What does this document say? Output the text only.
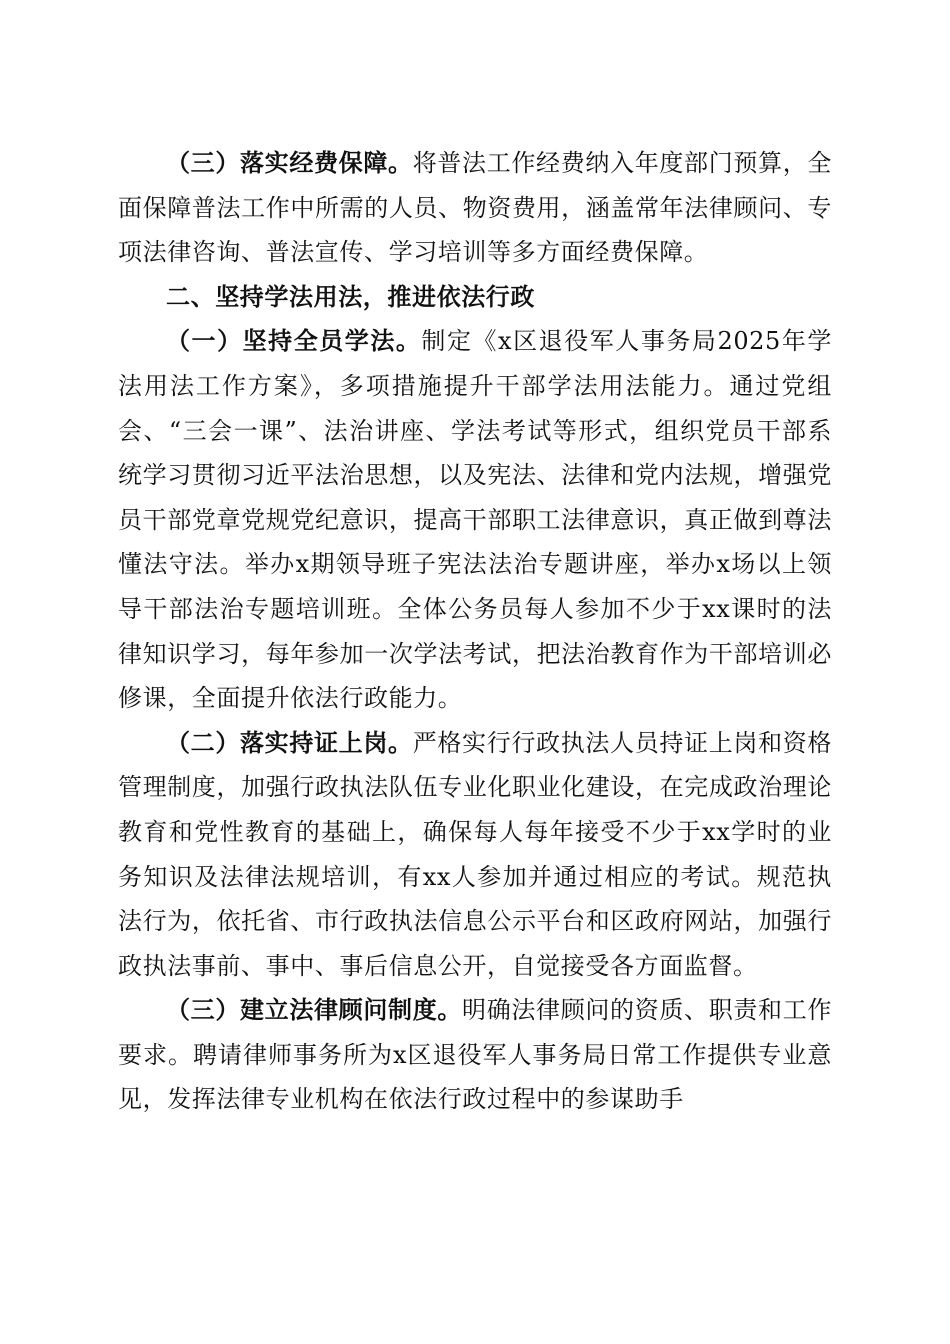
（三）落实经费保障。将普法工作经费纳入年度部门预算，全面保障普法工作中所需的人员、物资费用，涵盖常年法律顾问、专项法律咨询、普法宣传、学习培训等多方面经费保障。

二、坚持学法用法，推进依法行政

（一）坚持全员学法。制定《x区退役军人事务局2025年学法用法工作方案》，多项措施提升干部学法用法能力。通过党组会、“三会一课”、法治讲座、学法考试等形式，组织党员干部系统学习贯彻习近平法治思想，以及宪法、法律和党内法规，增强党员干部党章党规党纪意识，提高干部职工法律意识，真正做到尊法懂法守法。举办x期领导班子宪法法治专题讲座，举办x场以上领导干部法治专题培训班。全体公务员每人参加不少于xx课时的法律知识学习，每年参加一次学法考试，把法治教育作为干部培训必修课，全面提升依法行政能力。

（二）落实持证上岗。严格实行行政执法人员持证上岗和资格管理制度，加强行政执法队伍专业化职业化建设，在完成政治理论教育和党性教育的基础上，确保每人每年接受不少于xx学时的业务知识及法律法规培训，有xx人参加并通过相应的考试。规范执法行为，依托省、市行政执法信息公示平台和区政府网站，加强行政执法事前、事中、事后信息公开，自觉接受各方面监督。

（三）建立法律顾问制度。明确法律顾问的资质、职责和工作要求。聘请律师事务所为x区退役军人事务局日常工作提供专业意见，发挥法律专业机构在依法行政过程中的参谋助手
